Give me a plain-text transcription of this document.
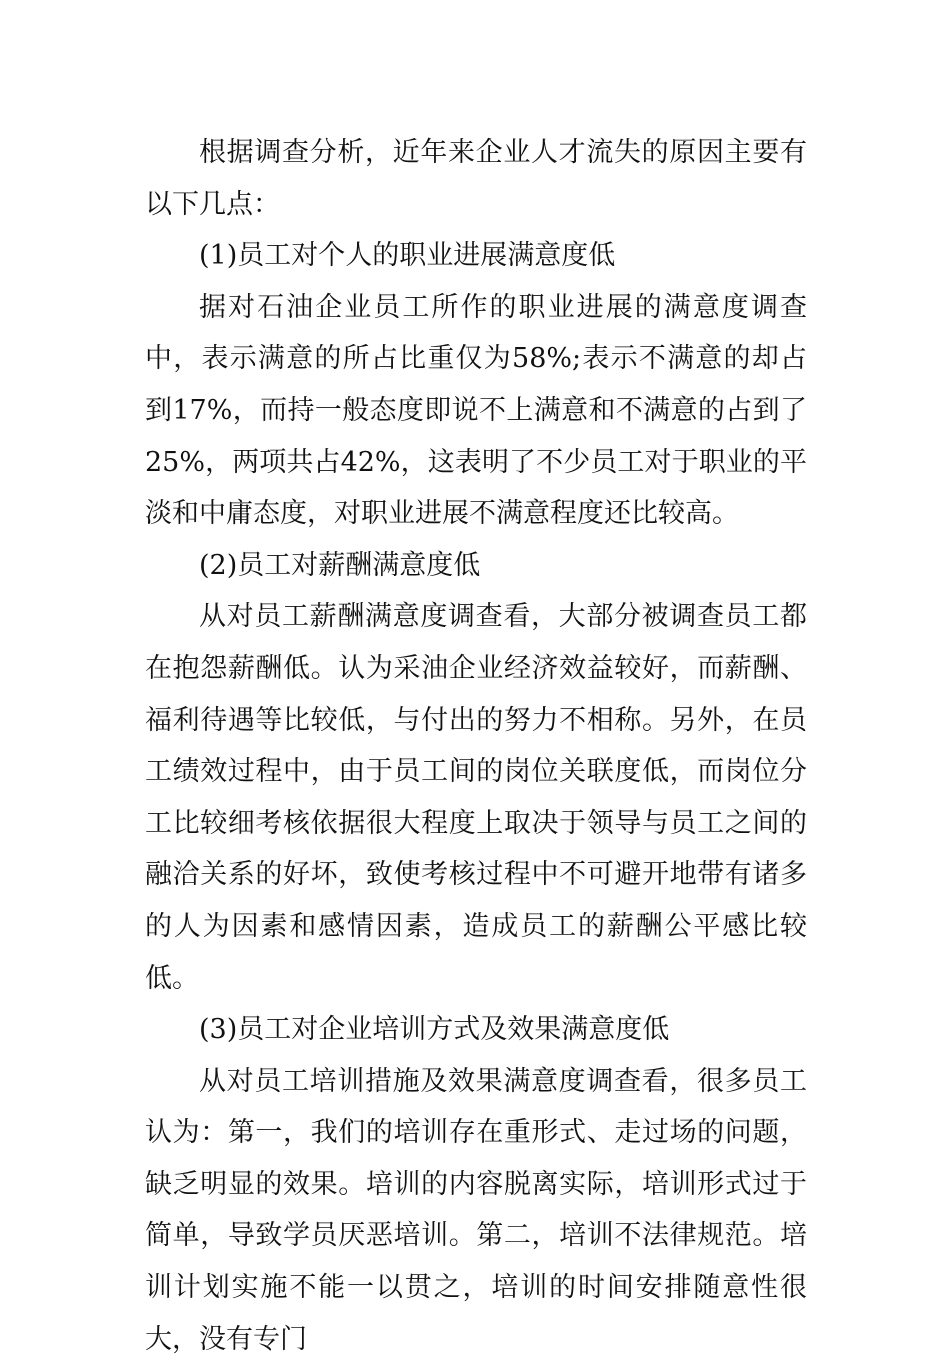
根据调查分析，近年来企业人才流失的原因主要有以下几点：

(1)员工对个人的职业进展满意度低

据对石油企业员工所作的职业进展的满意度调查中，表示满意的所占比重仅为58%;表示不满意的却占到17%，而持一般态度即说不上满意和不满意的占到了25%，两项共占42%，这表明了不少员工对于职业的平淡和中庸态度，对职业进展不满意程度还比较高。

(2)员工对薪酬满意度低

从对员工薪酬满意度调查看，大部分被调查员工都在抱怨薪酬低。认为采油企业经济效益较好，而薪酬、福利待遇等比较低，与付出的努力不相称。另外，在员工绩效过程中，由于员工间的岗位关联度低，而岗位分工比较细考核依据很大程度上取决于领导与员工之间的融洽关系的好坏，致使考核过程中不可避开地带有诸多的人为因素和感情因素，造成员工的薪酬公平感比较低。

(3)员工对企业培训方式及效果满意度低

从对员工培训措施及效果满意度调查看，很多员工认为：第一，我们的培训存在重形式、走过场的问题，缺乏明显的效果。培训的内容脱离实际，培训形式过于简单，导致学员厌恶培训。第二，培训不法律规范。培训计划实施不能一以贯之，培训的时间安排随意性很大，没有专门
